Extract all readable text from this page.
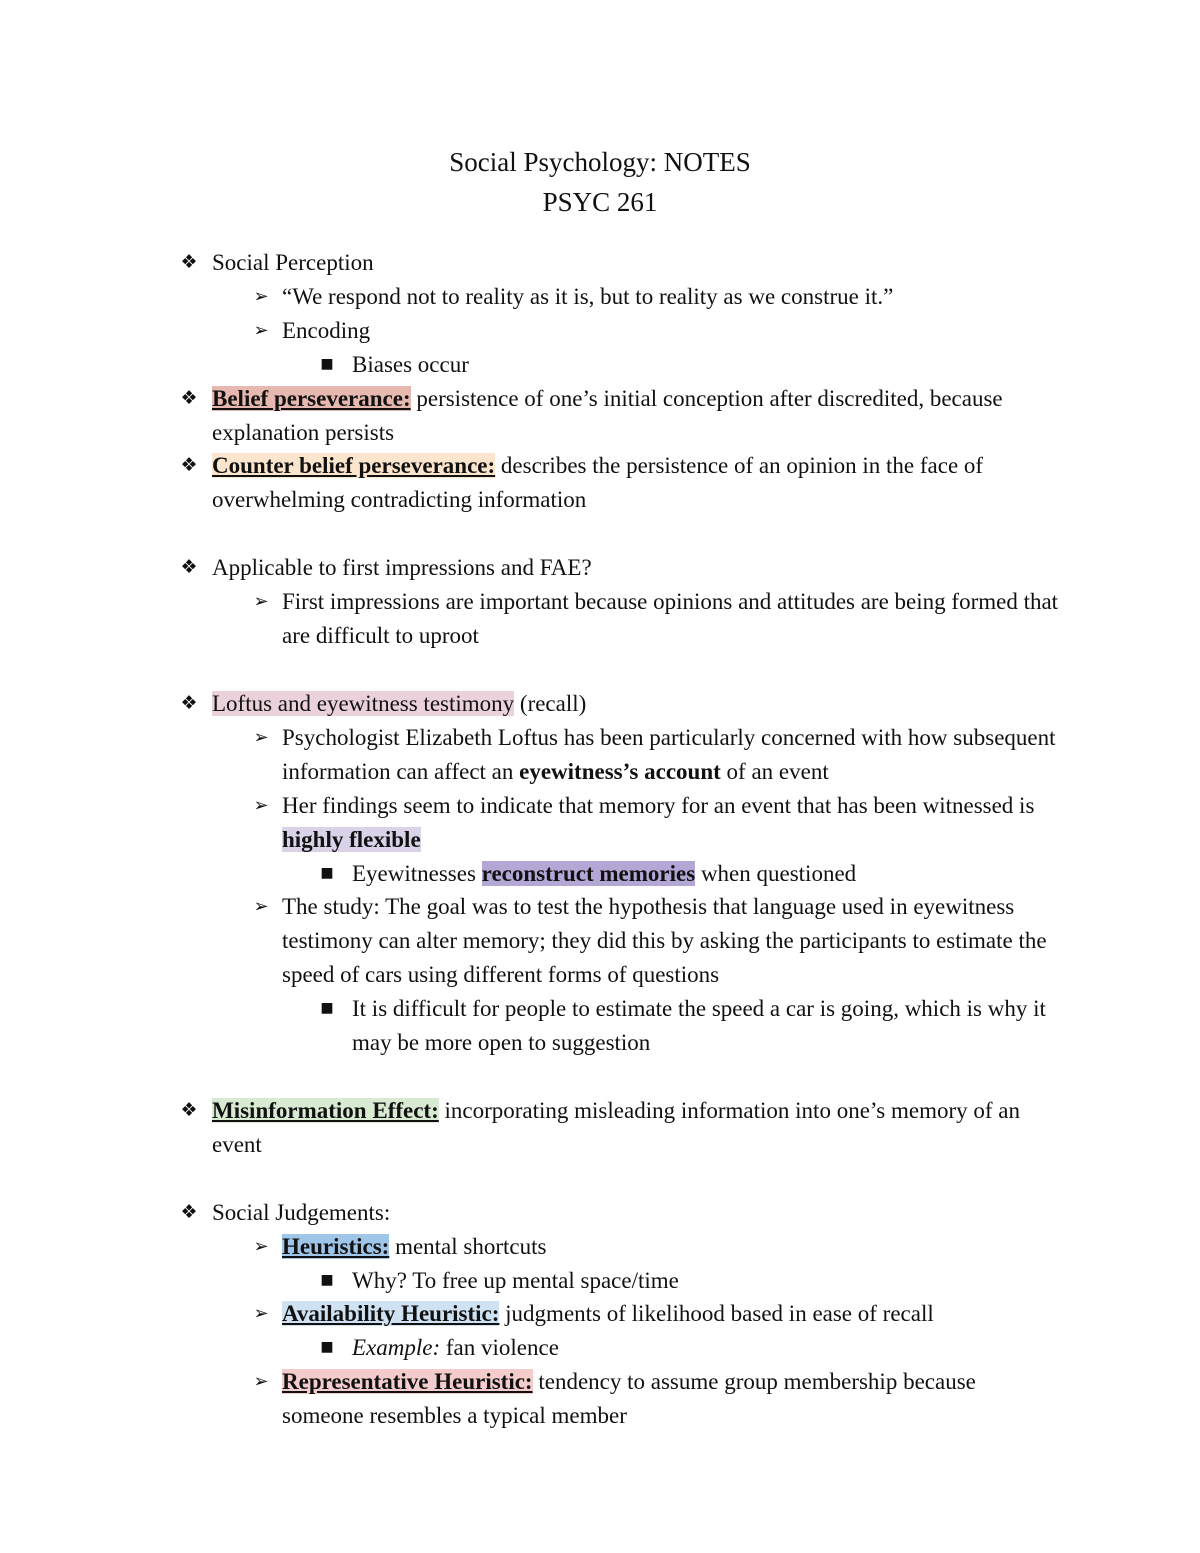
Social Psychology: NOTES
PSYC 261
❖ Social Perception
➢ “We respond not to reality as it is, but to reality as we construe it.”
➢ Encoding
■ Biases occur
❖ Belief perseverance: persistence of one’s initial conception after discredited, because explanation persists
❖ Counter belief perseverance: describes the persistence of an opinion in the face of overwhelming contradicting information
❖ Applicable to first impressions and FAE?
➢ First impressions are important because opinions and attitudes are being formed that are difficult to uproot
❖ Loftus and eyewitness testimony (recall)
➢ Psychologist Elizabeth Loftus has been particularly concerned with how subsequent information can affect an eyewitness’s account of an event
➢ Her findings seem to indicate that memory for an event that has been witnessed is highly flexible
■ Eyewitnesses reconstruct memories when questioned
➢ The study: The goal was to test the hypothesis that language used in eyewitness testimony can alter memory; they did this by asking the participants to estimate the speed of cars using different forms of questions
■ It is difficult for people to estimate the speed a car is going, which is why it may be more open to suggestion
❖ Misinformation Effect: incorporating misleading information into one’s memory of an event
❖ Social Judgements:
➢ Heuristics: mental shortcuts
■ Why? To free up mental space/time
➢ Availability Heuristic: judgments of likelihood based in ease of recall
■ Example: fan violence
➢ Representative Heuristic: tendency to assume group membership because someone resembles a typical member
